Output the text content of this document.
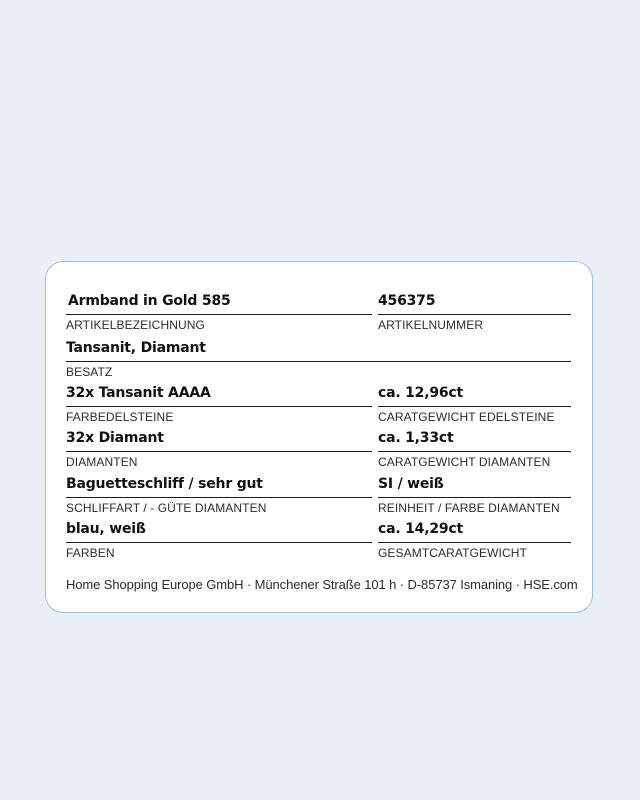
Armband in Gold 585
ARTIKELBEZEICHNUNG
456375
ARTIKELNUMMER
Tansanit, Diamant
BESATZ
32x Tansanit AAAA
FARBEDELSTEINE
ca. 12,96ct
CARATGEWICHT EDELSTEINE
32x Diamant
DIAMANTEN
ca. 1,33ct
CARATGEWICHT DIAMANTEN
Baguetteschliff / sehr gut
SCHLIFFART / - GÜTE DIAMANTEN
SI / weiß
REINHEIT / FARBE DIAMANTEN
blau, weiß
FARBEN
ca. 14,29ct
GESAMTCARATGEWICHT
Home Shopping Europe GmbH · Münchener Straße 101 h · D-85737 Ismaning · HSE.com
